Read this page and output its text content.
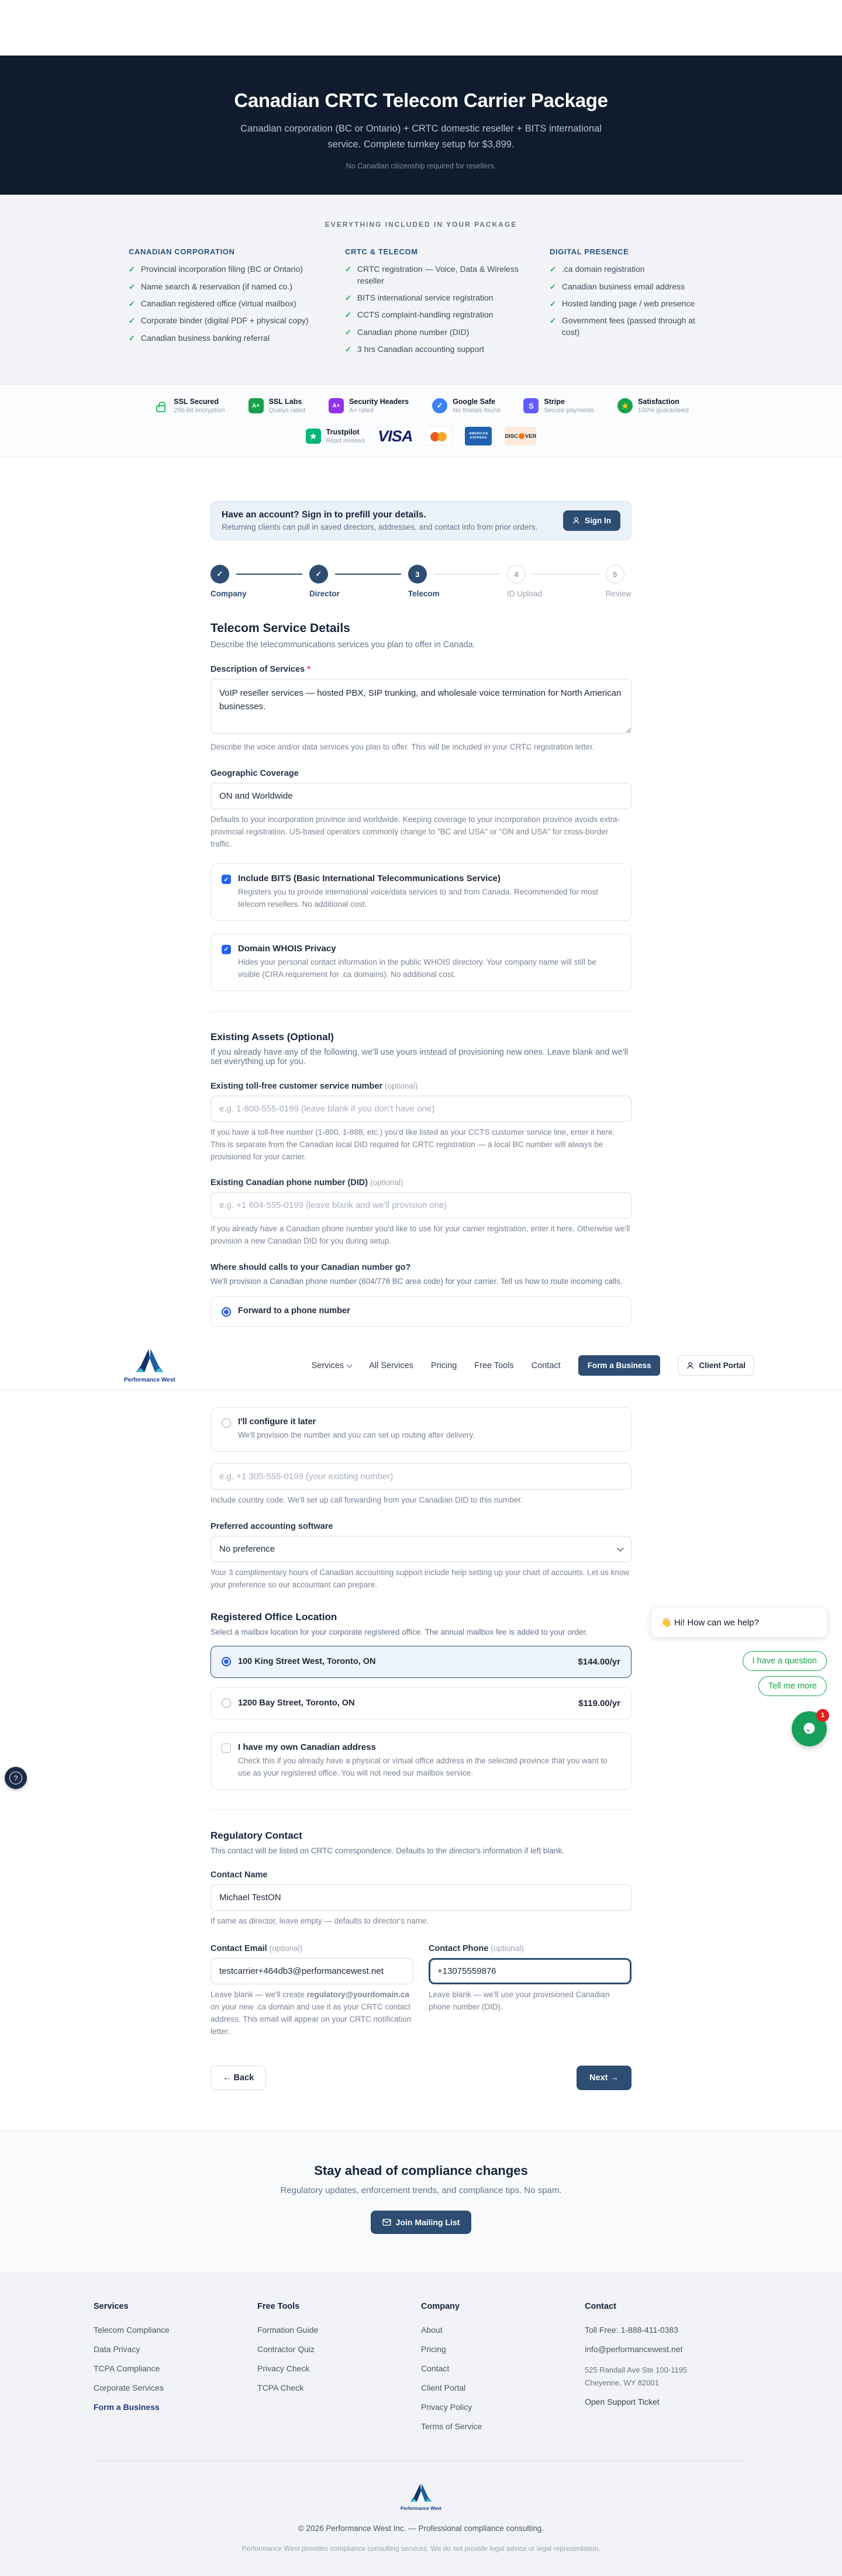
Canadian CRTC Telecom Carrier Package

Canadian corporation (BC or Ontario) + CRTC domestic reseller + BITS international service. Complete turnkey setup for $3,899.

No Canadian citizenship required for resellers.

EVERYTHING INCLUDED IN YOUR PACKAGE
CANADIAN CORPORATION
✓
Provincial incorporation filing (BC or Ontario)
✓
Name search & reservation (if named co.)
✓
Canadian registered office (virtual mailbox)
✓
Corporate binder (digital PDF + physical copy)
✓
Canadian business banking referral
CRTC & TELECOM
✓
CRTC registration — Voice, Data & Wireless reseller
✓
BITS international service registration
✓
CCTS complaint-handling registration
✓
Canadian phone number (DID)
✓
3 hrs Canadian accounting support
DIGITAL PRESENCE
✓
.ca domain registration
✓
Canadian business email address
✓
Hosted landing page / web presence
✓
Government fees (passed through at cost)
SSL Secured
256-bit encryption
A+	SSL Labs
Qualys rated
A+	Security Headers
A+ rated
✓	Google Safe
No threats found
S	Stripe
Secure payments
★	Satisfaction
100% guaranteed
★	Trustpilot
Read reviews VISA	AMERICAN
EXPRESS	DISC VER
Have an account? Sign in to prefill your details.
Returning clients can pull in saved directors, addresses, and contact info from prior orders.
Sign In
✓
Company
✓
Director
3
Telecom
4
ID Upload
5
Review
Telecom Service Details

Describe the telecommunications services you plan to offer in Canada.

Description of Services *
VoIP reseller services — hosted PBX, SIP trunking, and wholesale voice termination for North American businesses.
Describe the voice and/or data services you plan to offer. This will be included in your CRTC registration letter.
Geographic Coverage
ON and Worldwide
Defaults to your incorporation province and worldwide. Keeping coverage to your incorporation province avoids extra-provincial registration. US-based operators commonly change to "BC and USA" or "ON and USA" for cross-border traffic.
✓
Include BITS (Basic International Telecommunications Service)
Registers you to provide international voice/data services to and from Canada. Recommended for most telecom resellers. No additional cost.
✓
Domain WHOIS Privacy
Hides your personal contact information in the public WHOIS directory. Your company name will still be visible (CIRA requirement for .ca domains). No additional cost.
Existing Assets (Optional)

If you already have any of the following, we'll use yours instead of provisioning new ones. Leave blank and we'll set everything up for you.

Existing toll-free customer service number (optional)
e.g. 1-800-555-0199 (leave blank if you don't have one)
If you have a toll-free number (1-800, 1-888, etc.) you'd like listed as your CCTS customer service line, enter it here. This is separate from the Canadian local DID required for CRTC registration — a local BC number will always be provisioned for your carrier.
Existing Canadian phone number (DID) (optional)
e.g. +1 604-555-0199 (leave blank and we'll provision one)
If you already have a Canadian phone number you'd like to use for your carrier registration, enter it here. Otherwise we'll provision a new Canadian DID for you during setup.
Where should calls to your Canadian number go?
We'll provision a Canadian phone number (604/778 BC area code) for your carrier. Tell us how to route incoming calls.
Forward to a phone number
Performance West
Services	All Services Pricing Free Tools Contact	Form a Business	Client Portal
I'll configure it later
We'll provision the number and you can set up routing after delivery.
e.g. +1 305-555-0199 (your existing number)
Include country code. We'll set up call forwarding from your Canadian DID to this number.
Preferred accounting software
No preference
Your 3 complimentary hours of Canadian accounting support include help setting up your chart of accounts. Let us know your preference so our accountant can prepare.
Registered Office Location

Select a mailbox location for your corporate registered office. The annual mailbox fee is added to your order.

100 King Street West, Toronto, ON	$144.00/yr
1200 Bay Street, Toronto, ON	$119.00/yr
I have my own Canadian address
Check this if you already have a physical or virtual office address in the selected province that you want to use as your registered office. You will not need our mailbox service.
Regulatory Contact

This contact will be listed on CRTC correspondence. Defaults to the director's information if left blank.

Contact Name
Michael TestON
If same as director, leave empty — defaults to director's name.
Contact Email (optional)
testcarrier+464db3@performancewest.net
Leave blank — we'll create regulatory@yourdomain.ca on your new .ca domain and use it as your CRTC contact address. This email will appear on your CRTC notification letter.
Contact Phone (optional)
+13075559876
Leave blank — we'll use your provisioned Canadian phone number (DID).
← Back	Next →
Stay ahead of compliance changes

Regulatory updates, enforcement trends, and compliance tips. No spam.

Join Mailing List
Services
Telecom Compliance
Data Privacy
TCPA Compliance
Corporate Services
Form a Business
Free Tools
Formation Guide
Contractor Quiz
Privacy Check
TCPA Check
Company
About
Pricing
Contact
Client Portal
Privacy Policy
Terms of Service
Contact
Toll Free: 1-888-411-0383
info@performancewest.net
525 Randall Ave Ste 100-1195
Cheyenne, WY 82001
Open Support Ticket
Performance West
© 2026 Performance West Inc. — Professional compliance consulting.
Performance West provides compliance consulting services. We do not provide legal advice or legal representation.
?
👋 Hi! How can we help?
I have a question
Tell me more
1
